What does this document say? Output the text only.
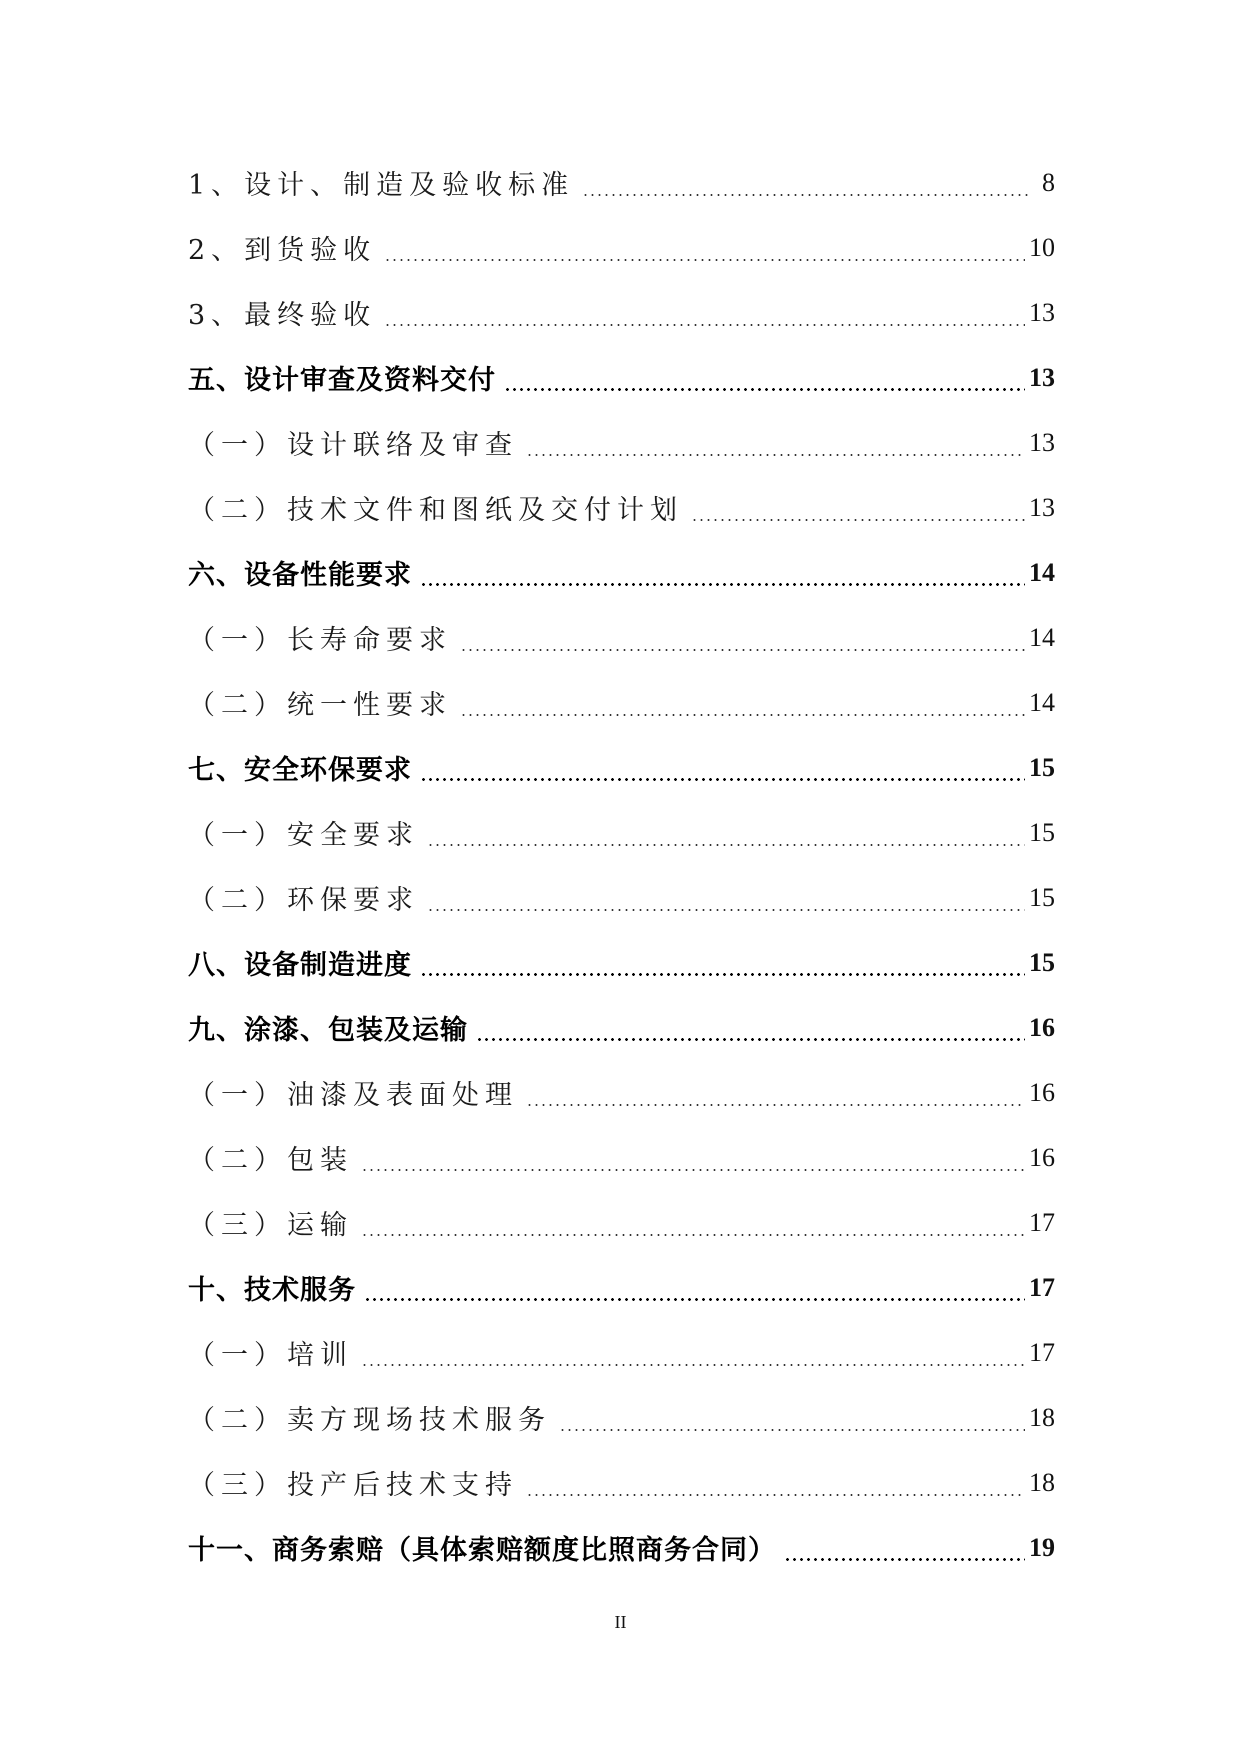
1、设计、制造及验收标准	8
2、到货验收	10
3、最终验收	13
五、设计审查及资料交付	13
（一）设计联络及审查	13
（二）技术文件和图纸及交付计划	13
六、设备性能要求	14
（一）长寿命要求	14
（二）统一性要求	14
七、安全环保要求	15
（一）安全要求	15
（二）环保要求	15
八、设备制造进度	15
九、涂漆、包装及运输	16
（一）油漆及表面处理	16
（二）包装	16
（三）运输	17
十、技术服务	17
（一）培训	17
（二）卖方现场技术服务	18
（三）投产后技术支持	18
十一、商务索赔（具体索赔额度比照商务合同）	19
II
